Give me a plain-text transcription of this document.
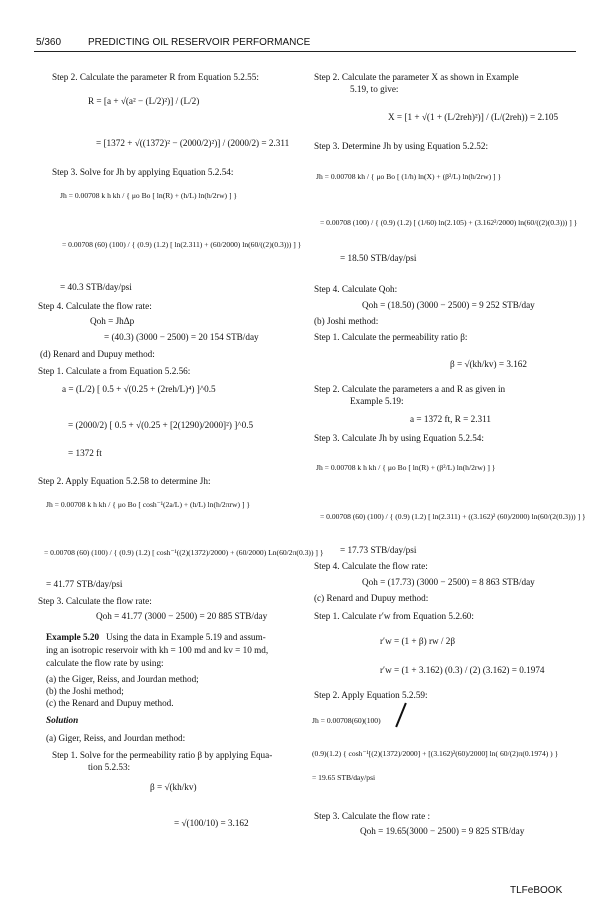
5/360	PREDICTING OIL RESERVOIR PERFORMANCE
Step 2. Calculate the parameter R from Equation 5.2.55:
R = [a + √(a² − (L/2)²)] / (L/2)
= [1372 + √((1372)² − (2000/2)²)] / (2000/2) = 2.311
Step 3. Solve for Jh by applying Equation 5.2.54:
Jh = 0.00708 k h kh / { μo Bo [ ln(R) + (h/L) ln(h/2rw) ] }
= 0.00708 (60) (100) / { (0.9) (1.2) [ ln(2.311) + (60/2000) ln(60/((2)(0.3))) ] }
= 40.3 STB/day/psi
Step 4. Calculate the flow rate:
Qoh = JhΔp
= (40.3) (3000 − 2500) = 20 154 STB/day
(d) Renard and Dupuy method:
Step 1. Calculate a from Equation 5.2.56:
a = (L/2) [ 0.5 + √(0.25 + (2reh/L)⁴) ]^0.5
= (2000/2) [ 0.5 + √(0.25 + [2(1290)/2000]²) ]^0.5
= 1372 ft
Step 2. Apply Equation 5.2.58 to determine Jh:
Jh = 0.00708 k h kh / { μo Bo [ cosh⁻¹(2a/L) + (h/L) ln(h/2πrw) ] }
= 0.00708 (60) (100) / { (0.9) (1.2) [ cosh⁻¹((2)(1372)/2000) + (60/2000) Ln(60/2π(0.3)) ] }
= 41.77 STB/day/psi
Step 3. Calculate the flow rate:
Qoh = 41.77 (3000 − 2500) = 20 885 STB/day
Example 5.20 Using the data in Example 5.19 and assum-
ing an isotropic reservoir with kh = 100 md and kv = 10 md,
calculate the flow rate by using:
(a) the Giger, Reiss, and Jourdan method;
(b) the Joshi method;
(c) the Renard and Dupuy method.
Solution
(a) Giger, Reiss, and Jourdan method:
Step 1. Solve for the permeability ratio β by applying Equa-
tion 5.2.53:
β = √(kh/kv)
= √(100/10) = 3.162
Step 2. Calculate the parameter X as shown in Example
5.19, to give:
X = [1 + √(1 + (L/2reh)²)] / (L/(2reh)) = 2.105
Step 3. Determine Jh by using Equation 5.2.52:
Jh = 0.00708 kh / { μo Bo [ (1/h) ln(X) + (β²/L) ln(h/2rw) ] }
= 0.00708 (100) / { (0.9) (1.2) [ (1/60) ln(2.105) + (3.162²/2000) ln(60/((2)(0.3))) ] }
= 18.50 STB/day/psi
Step 4. Calculate Qoh:
Qoh = (18.50) (3000 − 2500) = 9 252 STB/day
(b) Joshi method:
Step 1. Calculate the permeability ratio β:
β = √(kh/kv) = 3.162
Step 2. Calculate the parameters a and R as given in
Example 5.19:
a = 1372 ft, R = 2.311
Step 3. Calculate Jh by using Equation 5.2.54:
Jh = 0.00708 k h kh / { μo Bo [ ln(R) + (β²/L) ln(h/2rw) ] }
= 0.00708 (60) (100) / { (0.9) (1.2) [ ln(2.311) + ((3.162)² (60)/2000) ln(60/(2(0.3))) ] }
= 17.73 STB/day/psi
Step 4. Calculate the flow rate:
Qoh = (17.73) (3000 − 2500) = 8 863 STB/day
(c) Renard and Dupuy method:
Step 1. Calculate r′w from Equation 5.2.60:
r′w = (1 + β) rw / 2β
r′w = (1 + 3.162) (0.3) / (2) (3.162) = 0.1974
Step 2. Apply Equation 5.2.59:
Jh = 0.00708(60)(100)
(0.9)(1.2) { cosh⁻¹[(2)(1372)/2000] + [(3.162)²(60)/2000] ln( 60/(2)π(0.1974) ) }
= 19.65 STB/day/psi
Step 3. Calculate the flow rate :
Qoh = 19.65(3000 − 2500) = 9 825 STB/day
TLFeBOOK
